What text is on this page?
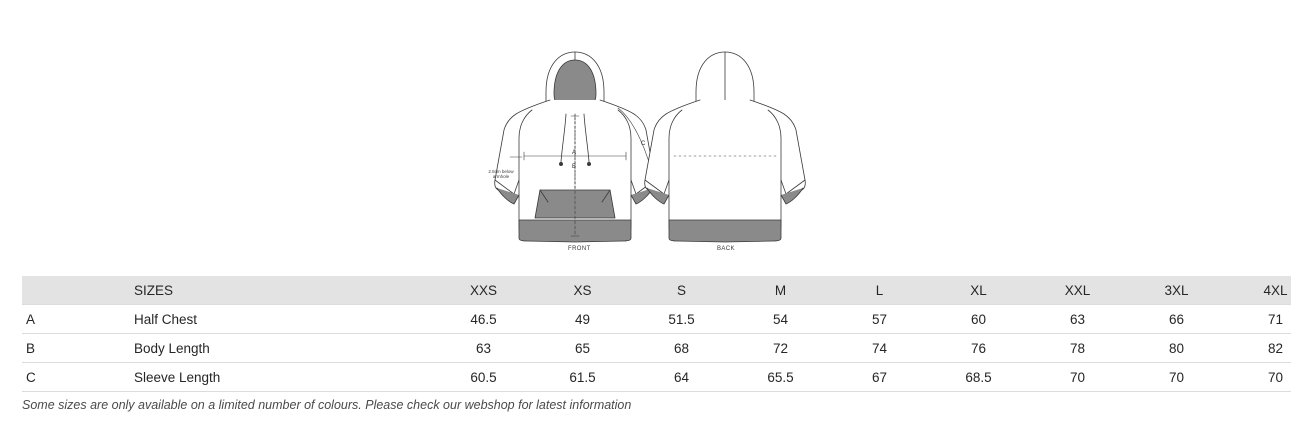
A
B
C
2.5cm below armhole
FRONT	BACK
	SIZES	XXS	XS	S	M	L	XL	XXL	3XL	4XL
A	Half Chest	46.5	49	51.5	54	57	60	63	66	71
B	Body Length	63	65	68	72	74	76	78	80	82
C	Sleeve Length	60.5	61.5	64	65.5	67	68.5	70	70	70
Some sizes are only available on a limited number of colours. Please check our webshop for latest information
